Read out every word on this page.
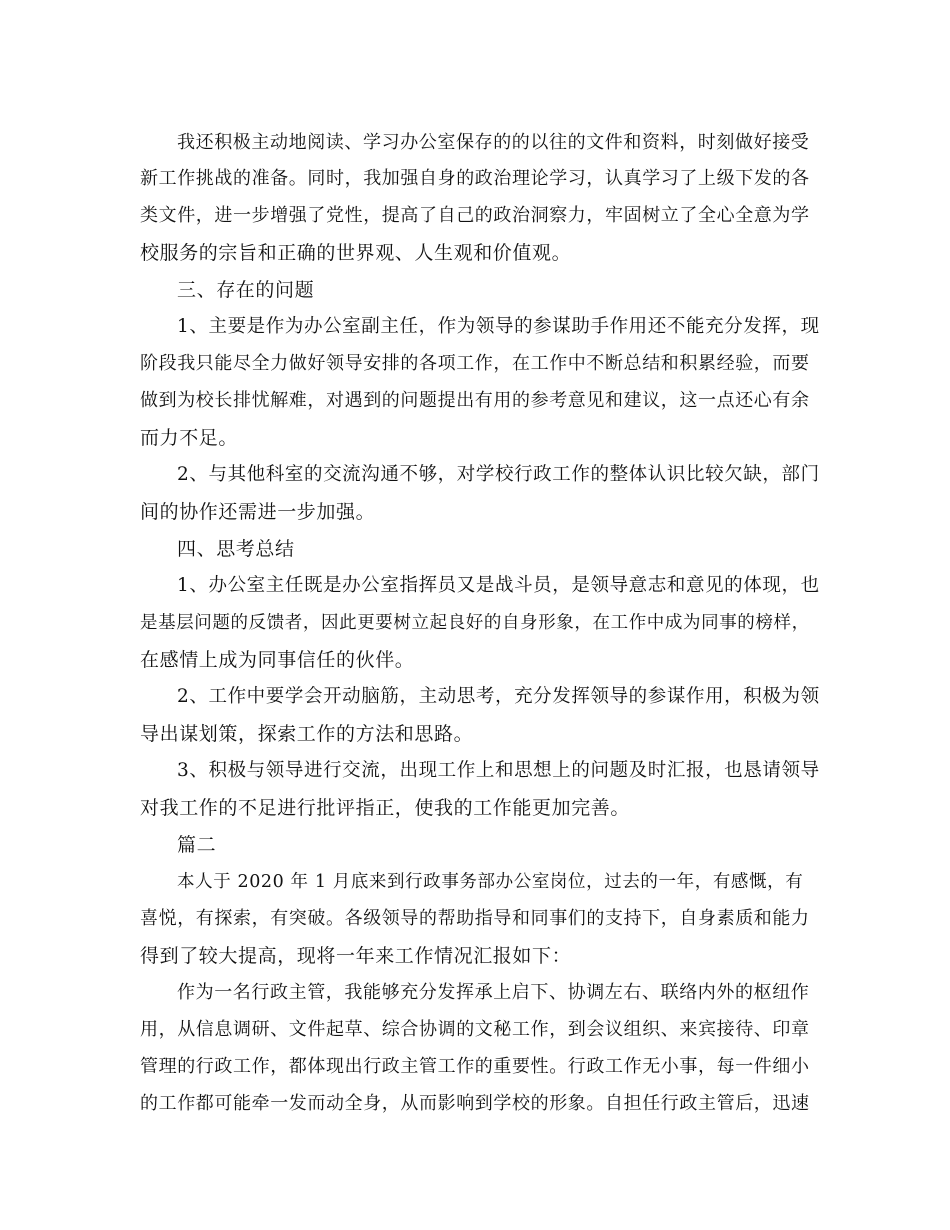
我还积极主动地阅读、学习办公室保存的的以往的文件和资料，时刻做好接受
新工作挑战的准备。同时，我加强自身的政治理论学习，认真学习了上级下发的各
类文件，进一步增强了党性，提高了自己的政治洞察力，牢固树立了全心全意为学
校服务的宗旨和正确的世界观、人生观和价值观。
三、存在的问题
1、主要是作为办公室副主任，作为领导的参谋助手作用还不能充分发挥，现
阶段我只能尽全力做好领导安排的各项工作，在工作中不断总结和积累经验，而要
做到为校长排忧解难，对遇到的问题提出有用的参考意见和建议，这一点还心有余
而力不足。
2、与其他科室的交流沟通不够，对学校行政工作的整体认识比较欠缺，部门
间的协作还需进一步加强。
四、思考总结
1、办公室主任既是办公室指挥员又是战斗员，是领导意志和意见的体现，也
是基层问题的反馈者，因此更要树立起良好的自身形象，在工作中成为同事的榜样，
在感情上成为同事信任的伙伴。
2、工作中要学会开动脑筋，主动思考，充分发挥领导的参谋作用，积极为领
导出谋划策，探索工作的方法和思路。
3、积极与领导进行交流，出现工作上和思想上的问题及时汇报，也恳请领导
对我工作的不足进行批评指正，使我的工作能更加完善。
篇二
本人于 2020 年 1 月底来到行政事务部办公室岗位，过去的一年，有感慨，有
喜悦，有探索，有突破。各级领导的帮助指导和同事们的支持下，自身素质和能力
得到了较大提高，现将一年来工作情况汇报如下：
作为一名行政主管，我能够充分发挥承上启下、协调左右、联络内外的枢纽作
用，从信息调研、文件起草、综合协调的文秘工作，到会议组织、来宾接待、印章
管理的行政工作，都体现出行政主管工作的重要性。行政工作无小事，每一件细小
的工作都可能牵一发而动全身，从而影响到学校的形象。自担任行政主管后，迅速
